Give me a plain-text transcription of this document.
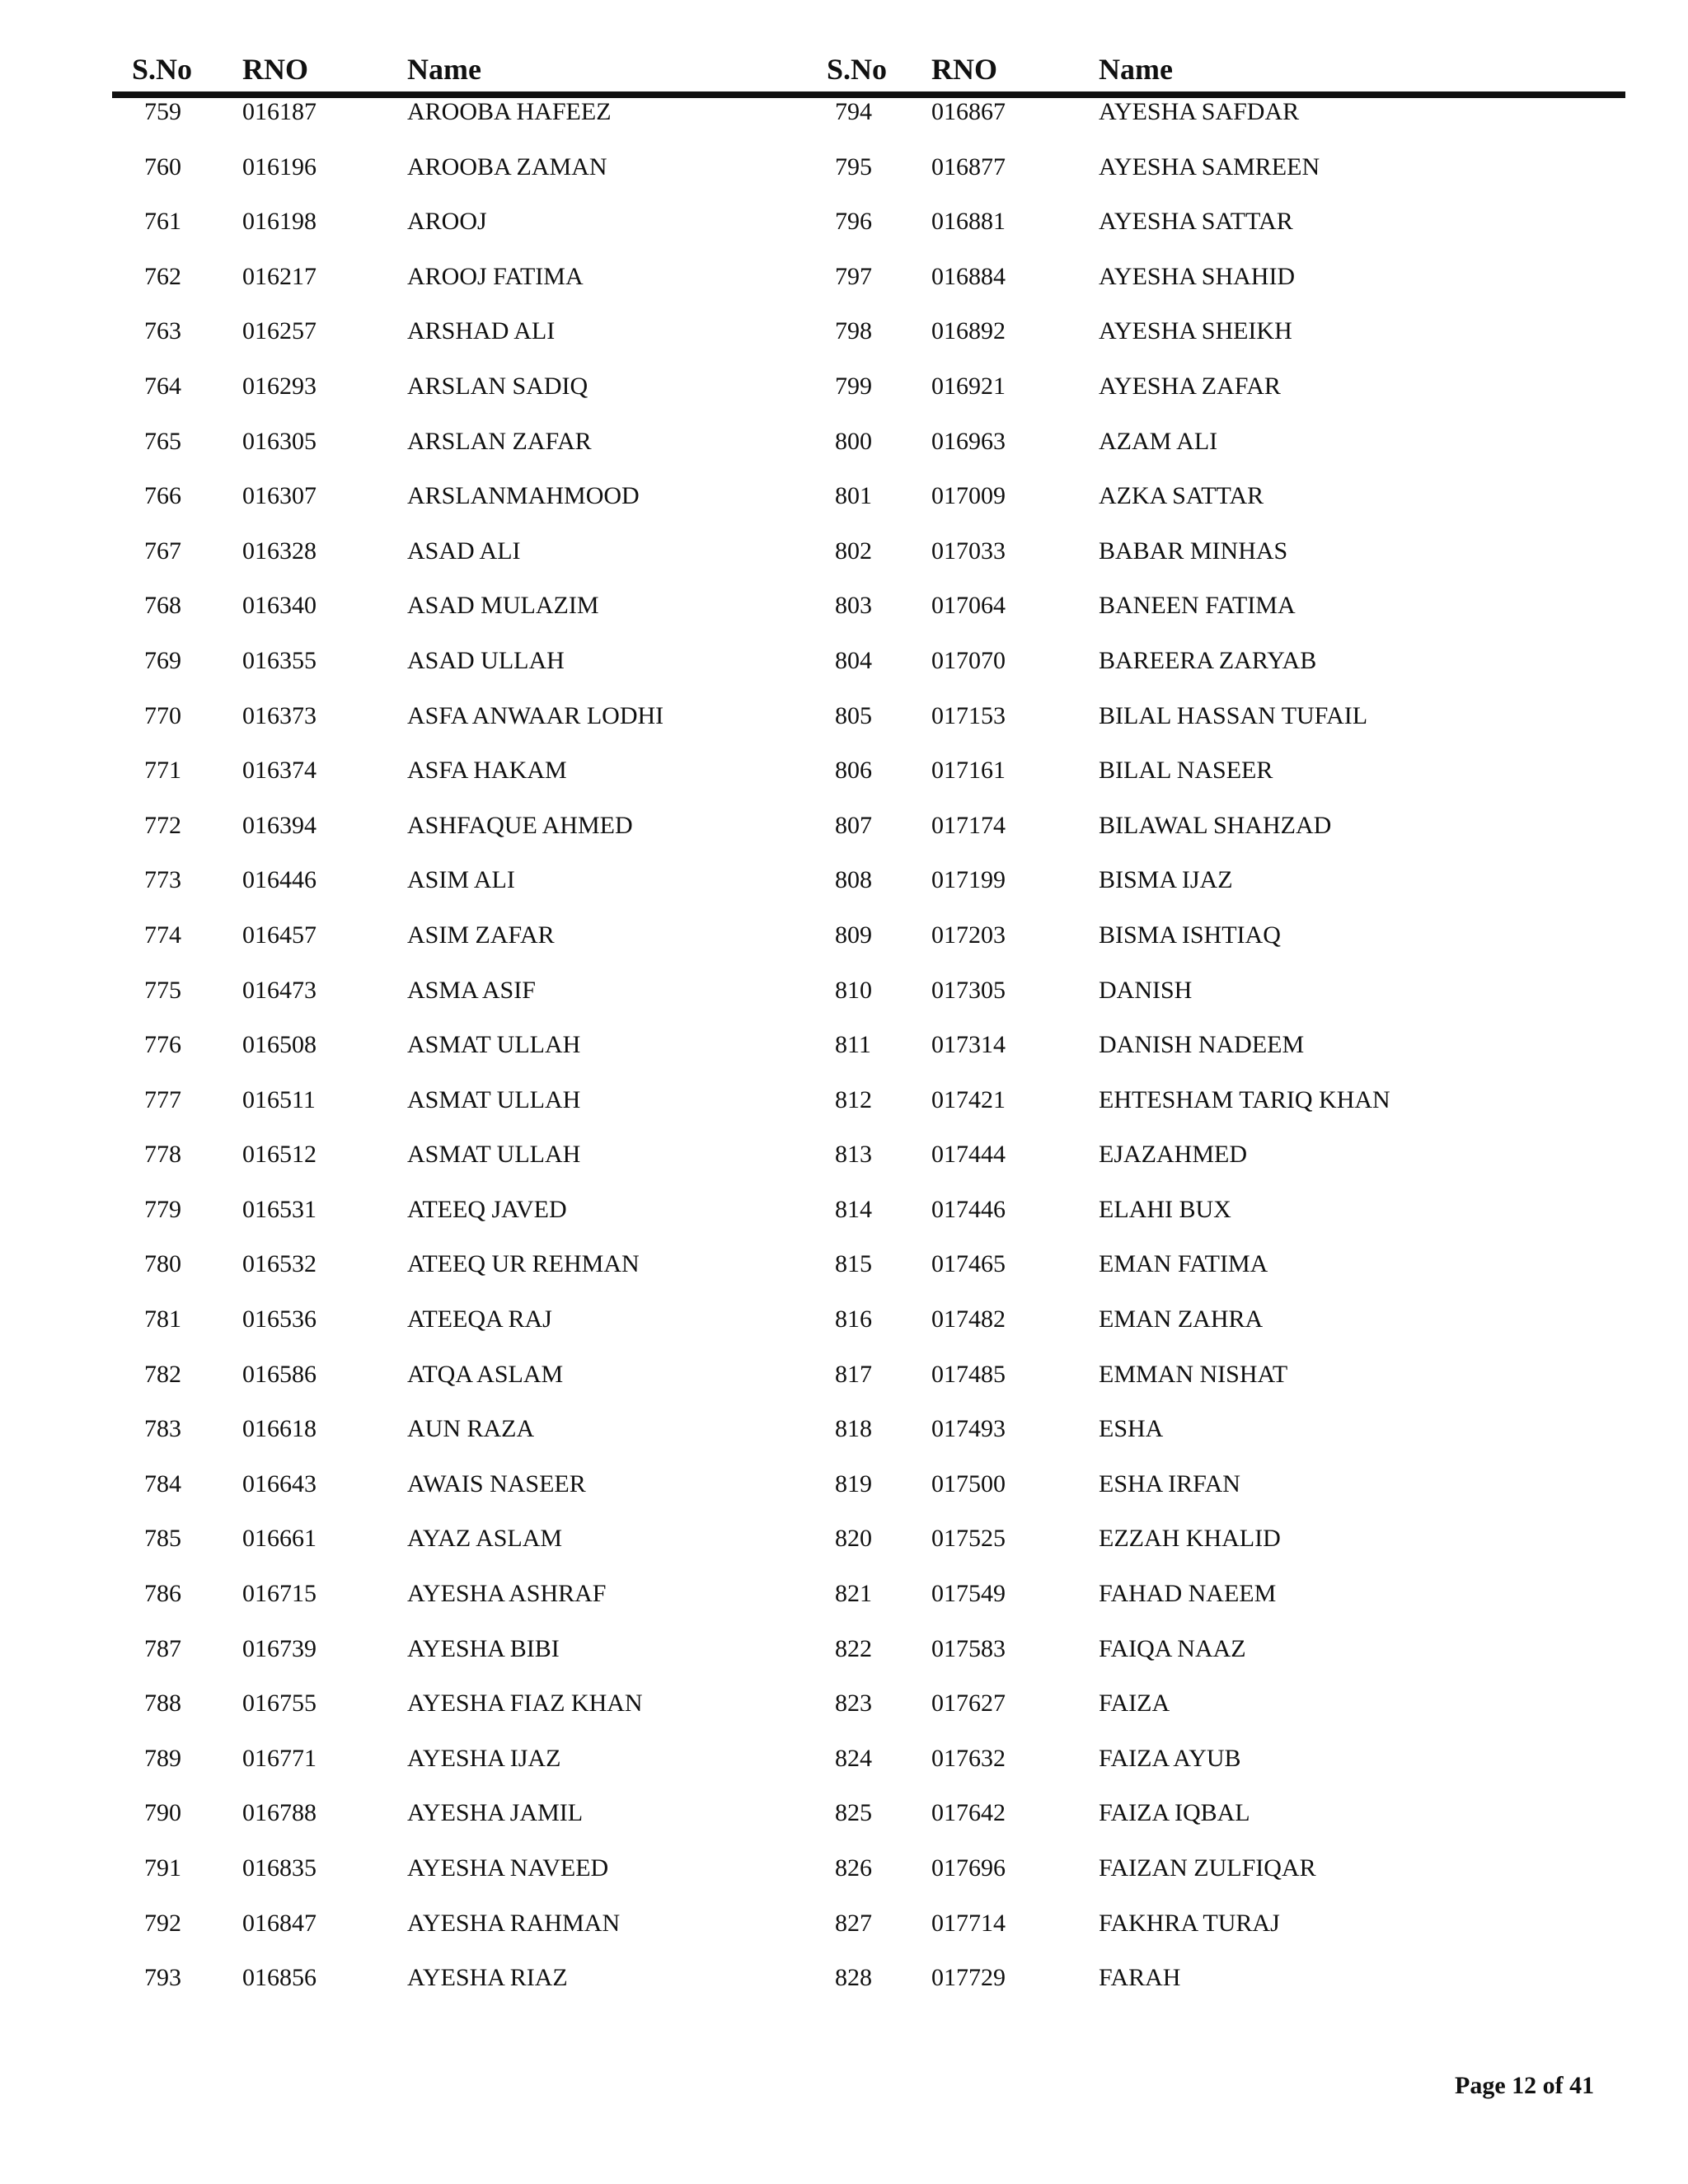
S.No RNO	Name	S.No RNO	Name
759 016187	AROOBA HAFEEZ	794 016867	AYESHA SAFDAR
760 016196	AROOBA ZAMAN	795 016877	AYESHA SAMREEN
761 016198	AROOJ	796 016881	AYESHA SATTAR
762 016217	AROOJ FATIMA	797 016884	AYESHA SHAHID
763 016257	ARSHAD ALI	798 016892	AYESHA SHEIKH
764 016293	ARSLAN SADIQ	799 016921	AYESHA ZAFAR
765 016305	ARSLAN ZAFAR	800 016963	AZAM ALI
766 016307	ARSLANMAHMOOD	801 017009	AZKA SATTAR
767 016328	ASAD ALI	802 017033	BABAR MINHAS
768 016340	ASAD MULAZIM	803 017064	BANEEN FATIMA
769 016355	ASAD ULLAH	804 017070	BAREERA ZARYAB
770 016373	ASFA ANWAAR LODHI	805 017153	BILAL HASSAN TUFAIL
771 016374	ASFA HAKAM	806 017161	BILAL NASEER
772 016394	ASHFAQUE AHMED	807 017174	BILAWAL SHAHZAD
773 016446	ASIM ALI	808 017199	BISMA IJAZ
774 016457	ASIM ZAFAR	809 017203	BISMA ISHTIAQ
775 016473	ASMA ASIF	810 017305	DANISH
776 016508	ASMAT ULLAH	811 017314	DANISH NADEEM
777 016511	ASMAT ULLAH	812 017421	EHTESHAM TARIQ KHAN
778 016512	ASMAT ULLAH	813 017444	EJAZAHMED
779 016531	ATEEQ JAVED	814 017446	ELAHI BUX
780 016532	ATEEQ UR REHMAN	815 017465	EMAN FATIMA
781 016536	ATEEQA RAJ	816 017482	EMAN ZAHRA
782 016586	ATQA ASLAM	817 017485	EMMAN NISHAT
783 016618	AUN RAZA	818 017493	ESHA
784 016643	AWAIS NASEER	819 017500	ESHA IRFAN
785 016661	AYAZ ASLAM	820 017525	EZZAH KHALID
786 016715	AYESHA ASHRAF	821 017549	FAHAD NAEEM
787 016739	AYESHA BIBI	822 017583	FAIQA NAAZ
788 016755	AYESHA FIAZ KHAN	823 017627	FAIZA
789 016771	AYESHA IJAZ	824 017632	FAIZA AYUB
790 016788	AYESHA JAMIL	825 017642	FAIZA IQBAL
791 016835	AYESHA NAVEED	826 017696	FAIZAN ZULFIQAR
792 016847	AYESHA RAHMAN	827 017714	FAKHRA TURAJ
793 016856	AYESHA RIAZ	828 017729	FARAH
Page 12 of 41
